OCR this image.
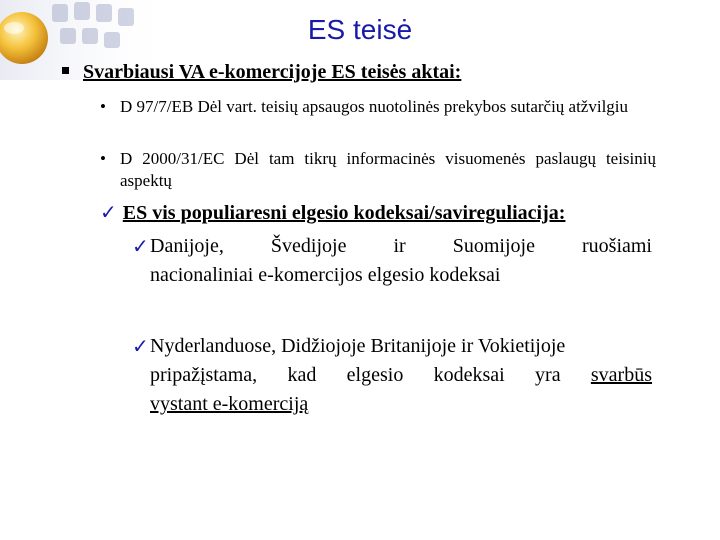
ES teisė
Svarbiausi VA e-komercijoje ES teisės aktai:
• D 97/7/EB Dėl vart. teisių apsaugos nuotolinės prekybos sutarčių atžvilgiu
• D 2000/31/EC Dėl tam tikrų informacinės visuomenės paslaugų teisinių aspektų
✓ ES vis populiaresni elgesio kodeksai/savireguliacija:
✓ Danijoje, Švedijoje ir Suomijoje ruošiami
nacionaliniai e-komercijos elgesio kodeksai
✓ Nyderlanduose, Didžiojoje Britanijoje ir Vokietijoje
pripažįstama, kad elgesio kodeksai yra svarbūs
vystant e-komerciją
